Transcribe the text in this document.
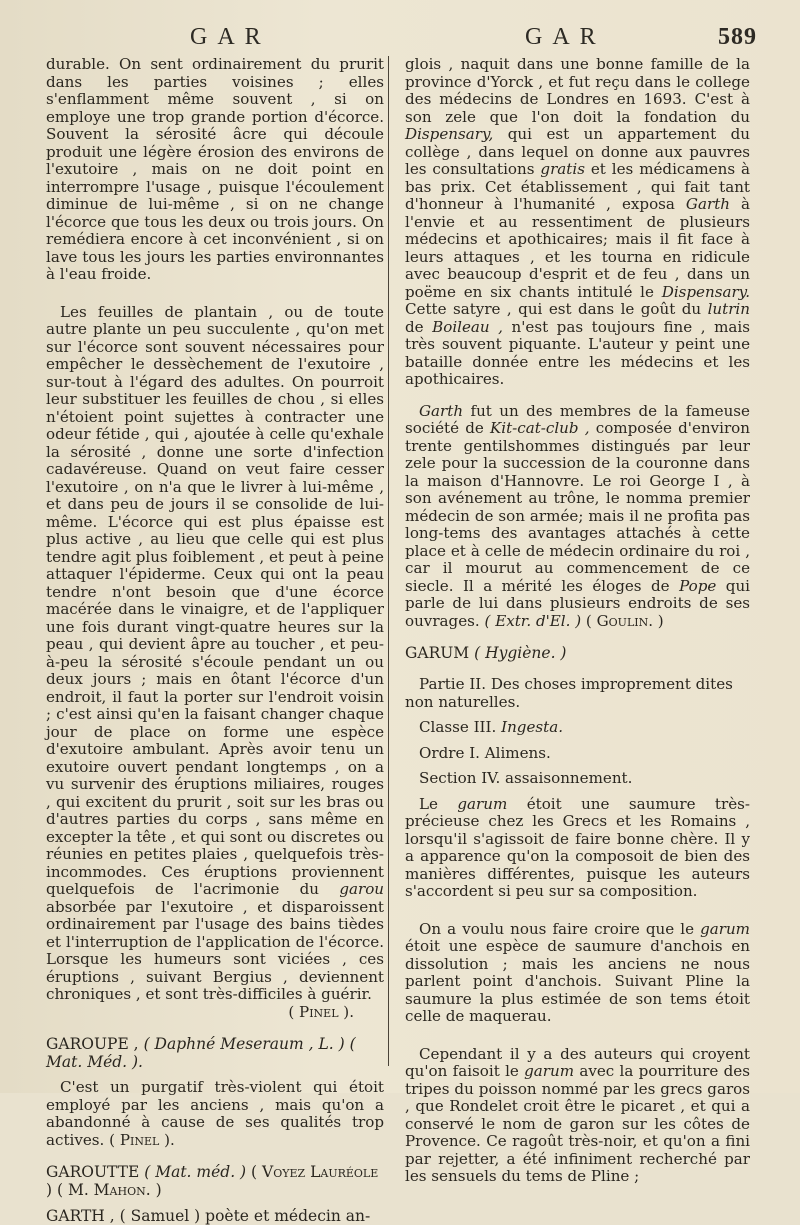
GAR	GAR	589

durable. On sent ordinairement du prurit dans les parties voisines ; elles s'enflamment même souvent , si on employe une trop grande portion d'écorce. Souvent la sérosité âcre qui découle produit une légère érosion des environs de l'exutoire , mais on ne doit point en interrompre l'usage , puisque l'écoulement diminue de lui-même , si on ne change l'écorce que tous les deux ou trois jours. On remédiera encore à cet inconvénient , si on lave tous les jours les parties environnantes à l'eau froide.

Les feuilles de plantain , ou de toute autre plante un peu succulente , qu'on met sur l'écorce sont souvent nécessaires pour empêcher le dessèchement de l'exutoire , sur-tout à l'égard des adultes. On pourroit leur substituer les feuilles de chou , si elles n'étoient point sujettes à contracter une odeur fétide , qui , ajoutée à celle qu'exhale la sérosité , donne une sorte d'infection cadavéreuse. Quand on veut faire cesser l'exutoire , on n'a que le livrer à lui-même , et dans peu de jours il se consolide de lui-même. L'écorce qui est plus épaisse est plus active , au lieu que celle qui est plus tendre agit plus foiblement , et peut à peine attaquer l'épiderme. Ceux qui ont la peau tendre n'ont besoin que d'une écorce macérée dans le vinaigre, et de l'appliquer une fois durant vingt-quatre heures sur la peau , qui devient âpre au toucher , et peu-à-peu la sérosité s'écoule pendant un ou deux jours ; mais en ôtant l'écorce d'un endroit, il faut la porter sur l'endroit voisin ; c'est ainsi qu'en la faisant changer chaque jour de place on forme une espèce d'exutoire ambulant. Après avoir tenu un exutoire ouvert pendant longtemps , on a vu survenir des éruptions miliaires, rouges , qui excitent du prurit , soit sur les bras ou d'autres parties du corps , sans même en excepter la tête , et qui sont ou discretes ou réunies en petites plaies , quelquefois très-incommodes. Ces éruptions proviennent quelquefois de l'acrimonie du garou absorbée par l'exutoire , et disparoissent ordinairement par l'usage des bains tièdes et l'interruption de l'application de l'écorce. Lorsque les humeurs sont viciées , ces éruptions , suivant Bergius , deviennent chroniques , et sont très-difficiles à guérir.

( Pinel ).

GAROUPE , ( Daphné Meseraum , L. ) ( Mat. Méd. ).

C'est un purgatif très-violent qui étoit employé par les anciens , mais qu'on a abandonné à cause de ses qualités trop actives. ( Pinel ).

GAROUTTE ( Mat. méd. ) ( Voyez Lauréole ) ( M. Mahon. )

GARTH , ( Samuel ) poète et médecin an-

glois , naquit dans une bonne famille de la province d'Yorck , et fut reçu dans le college des médecins de Londres en 1693. C'est à son zele que l'on doit la fondation du Dispensary, qui est un appartement du collège , dans lequel on donne aux pauvres les consultations gratis et les médicamens à bas prix. Cet établissement , qui fait tant d'honneur à l'humanité , exposa Garth à l'envie et au ressentiment de plusieurs médecins et apothicaires; mais il fit face à leurs attaques , et les tourna en ridicule avec beaucoup d'esprit et de feu , dans un poëme en six chants intitulé le Dispensary. Cette satyre , qui est dans le goût du lutrin de Boileau , n'est pas toujours fine , mais très souvent piquante. L'auteur y peint une bataille donnée entre les médecins et les apothicaires.

Garth fut un des membres de la fameuse société de Kit-cat-club , composée d'environ trente gentilshommes distingués par leur zele pour la succession de la couronne dans la maison d'Hannovre. Le roi George I , à son avénement au trône, le nomma premier médecin de son armée; mais il ne profita pas long-tems des avantages attachés à cette place et à celle de médecin ordinaire du roi , car il mourut au commencement de ce siecle. Il a mérité les éloges de Pope qui parle de lui dans plusieurs endroits de ses ouvrages. ( Extr. d'El. ) ( Goulin. )

GARUM ( Hygiène. )

Partie II. Des choses improprement dites non naturelles.

Classe III. Ingesta.

Ordre I. Alimens.

Section IV. assaisonnement.

Le garum étoit une saumure très-précieuse chez les Grecs et les Romains , lorsqu'il s'agissoit de faire bonne chère. Il y a apparence qu'on la composoit de bien des manières différentes, puisque les auteurs s'accordent si peu sur sa composition.

On a voulu nous faire croire que le garum étoit une espèce de saumure d'anchois en dissolution ; mais les anciens ne nous parlent point d'anchois. Suivant Pline la saumure la plus estimée de son tems étoit celle de maquerau.

Cependant il y a des auteurs qui croyent qu'on faisoit le garum avec la pourriture des tripes du poisson nommé par les grecs garos , que Rondelet croit être le picaret , et qui a conservé le nom de garon sur les côtes de Provence. Ce ragoût très-noir, et qu'on a fini par rejetter, a été infiniment recherché par les sensuels du tems de Pline ;
